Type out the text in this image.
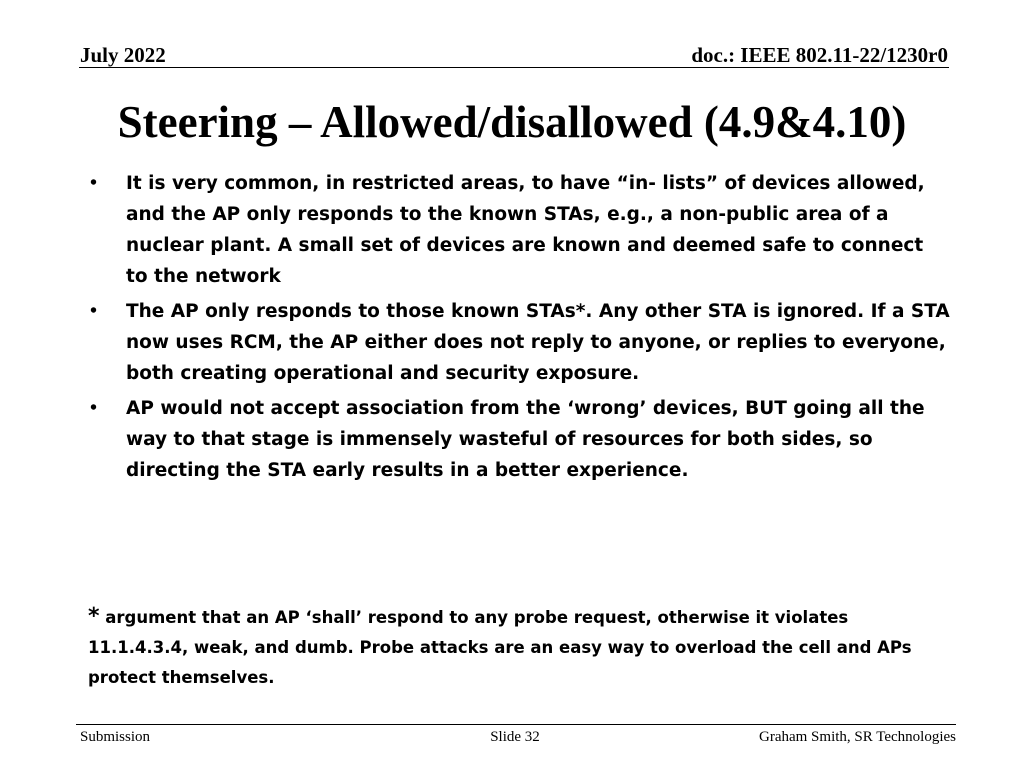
July 2022	doc.: IEEE 802.11-22/1230r0
Steering – Allowed/disallowed (4.9&4.10)
•	It is very common, in restricted areas, to have “in- lists” of devices allowed, and the AP only responds to the known STAs, e.g., a non-public area of a nuclear plant. A small set of devices are known and deemed safe to connect to the network
•	The AP only responds to those known STAs*. Any other STA is ignored. If a STA now uses RCM, the AP either does not reply to anyone, or replies to everyone, both creating operational and security exposure.
•	AP would not accept association from the ‘wrong’ devices, BUT going all the way to that stage is immensely wasteful of resources for both sides, so directing the STA early results in a better experience.

* argument that an AP ‘shall’ respond to any probe request, otherwise it violates 11.1.4.3.4, weak, and dumb. Probe attacks are an easy way to overload the cell and APs protect themselves.

Submission	Slide 32	Graham Smith, SR Technologies
